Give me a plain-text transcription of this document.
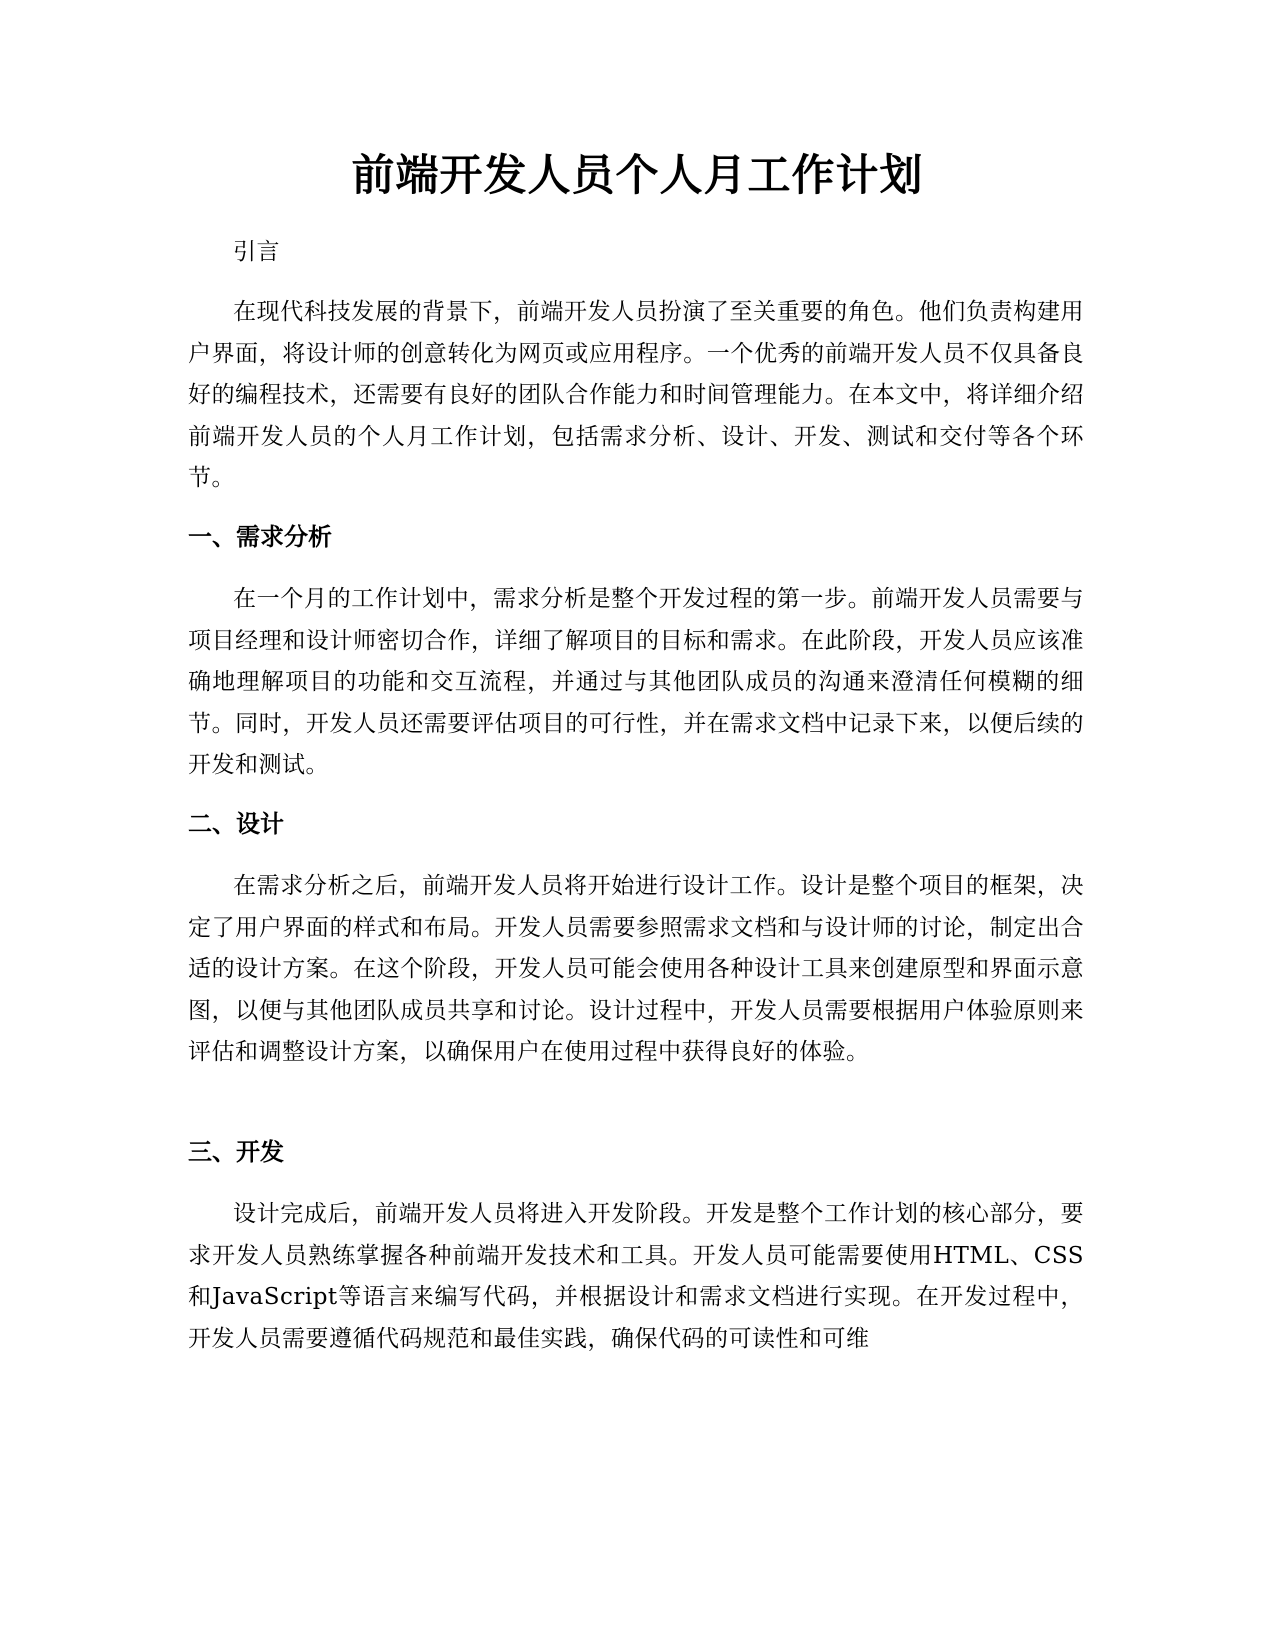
前端开发人员个人月工作计划

引言

在现代科技发展的背景下，前端开发人员扮演了至关重要的角色。他们负责构建用户界面，将设计师的创意转化为网页或应用程序。一个优秀的前端开发人员不仅具备良好的编程技术，还需要有良好的团队合作能力和时间管理能力。在本文中，将详细介绍前端开发人员的个人月工作计划，包括需求分析、设计、开发、测试和交付等各个环节。

一、需求分析

在一个月的工作计划中，需求分析是整个开发过程的第一步。前端开发人员需要与项目经理和设计师密切合作，详细了解项目的目标和需求。在此阶段，开发人员应该准确地理解项目的功能和交互流程，并通过与其他团队成员的沟通来澄清任何模糊的细节。同时，开发人员还需要评估项目的可行性，并在需求文档中记录下来，以便后续的开发和测试。

二、设计

在需求分析之后，前端开发人员将开始进行设计工作。设计是整个项目的框架，决定了用户界面的样式和布局。开发人员需要参照需求文档和与设计师的讨论，制定出合适的设计方案。在这个阶段，开发人员可能会使用各种设计工具来创建原型和界面示意图，以便与其他团队成员共享和讨论。设计过程中，开发人员需要根据用户体验原则来评估和调整设计方案，以确保用户在使用过程中获得良好的体验。

三、开发

设计完成后，前端开发人员将进入开发阶段。开发是整个工作计划的核心部分，要求开发人员熟练掌握各种前端开发技术和工具。开发人员可能需要使用HTML、CSS和JavaScript等语言来编写代码，并根据设计和需求文档进行实现。在开发过程中，开发人员需要遵循代码规范和最佳实践，确保代码的可读性和可维
